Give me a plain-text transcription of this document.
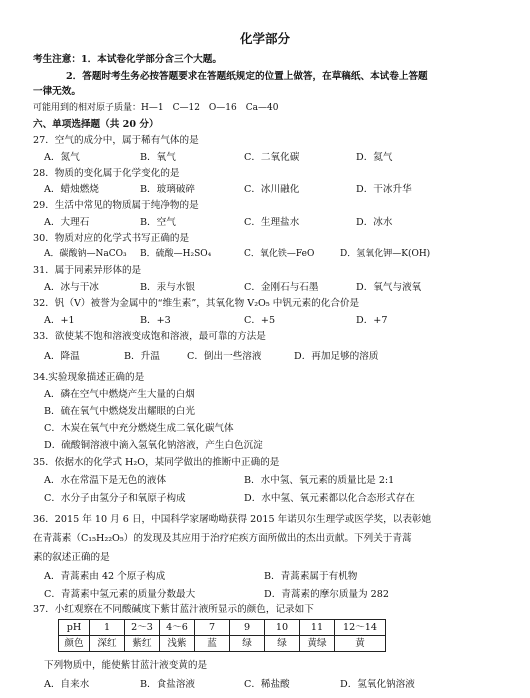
化学部分
考生注意：1．本试卷化学部分含三个大题。
2．答题时考生务必按答题要求在答题纸规定的位置上做答，在草稿纸、本试卷上答题
一律无效。
可能用到的相对原子质量：H—1　C—12　O—16　Ca—40
六、单项选择题（共 20 分）
27．空气的成分中，属于稀有气体的是
A．氮气	B．氧气	C．二氧化碳	D．氦气
28．物质的变化属于化学变化的是
A．蜡烛燃烧	B．玻璃破碎	C．冰川融化	D．干冰升华
29．生活中常见的物质属于纯净物的是
A．大理石	B．空气	C．生理盐水	D．冰水
30．物质对应的化学式书写正确的是
A．碳酸钠—NaCO₃ B．硫酸—H₂SO₄	C．氧化铁—FeO	D．氢氧化钾—K(OH)
31．属于同素异形体的是
A．冰与干冰	B．汞与水银	C．金刚石与石墨	D．氧气与液氧
32．钒（V）被誉为金属中的“维生素”，其氧化物 V₂O₅ 中钒元素的化合价是
A．+1	B．+3	C．+5	D．+7
33．欲使某不饱和溶液变成饱和溶液，最可靠的方法是
A．降温	B．升温	C．倒出一些溶液	D．再加足够的溶质
34.实验现象描述正确的是
A．磷在空气中燃烧产生大量的白烟
B．硫在氧气中燃烧发出耀眼的白光
C．木炭在氧气中充分燃烧生成二氧化碳气体
D．硫酸铜溶液中滴入氢氧化钠溶液，产生白色沉淀
35．依据水的化学式 H₂O，某同学做出的推断中正确的是
A．水在常温下是无色的液体	B．水中氢、氧元素的质量比是 2:1
C．水分子由氢分子和氧原子构成	D．水中氢、氧元素都以化合态形式存在
36．2015 年 10 月 6 日，中国科学家屠呦呦获得 2015 年诺贝尔生理学或医学奖，以表彰她
在青蒿素（C₁₅H₂₂O₅）的发现及其应用于治疗疟疾方面所做出的杰出贡献。下列关于青蒿
素的叙述正确的是
A．青蒿素由 42 个原子构成	B．青蒿素属于有机物
C．青蒿素中氢元素的质量分数最大	D．青蒿素的摩尔质量为 282
37．小红观察在不同酸碱度下紫甘蓝汁液所显示的颜色，记录如下
pH	1	2～3	4～6	7	9	10	11	12～14
颜色	深红	紫红	浅紫	蓝	绿	绿	黄绿	黄
下列物质中，能使紫甘蓝汁液变黄的是
A．自来水	B．食盐溶液	C．稀盐酸	D．氢氧化钠溶液
